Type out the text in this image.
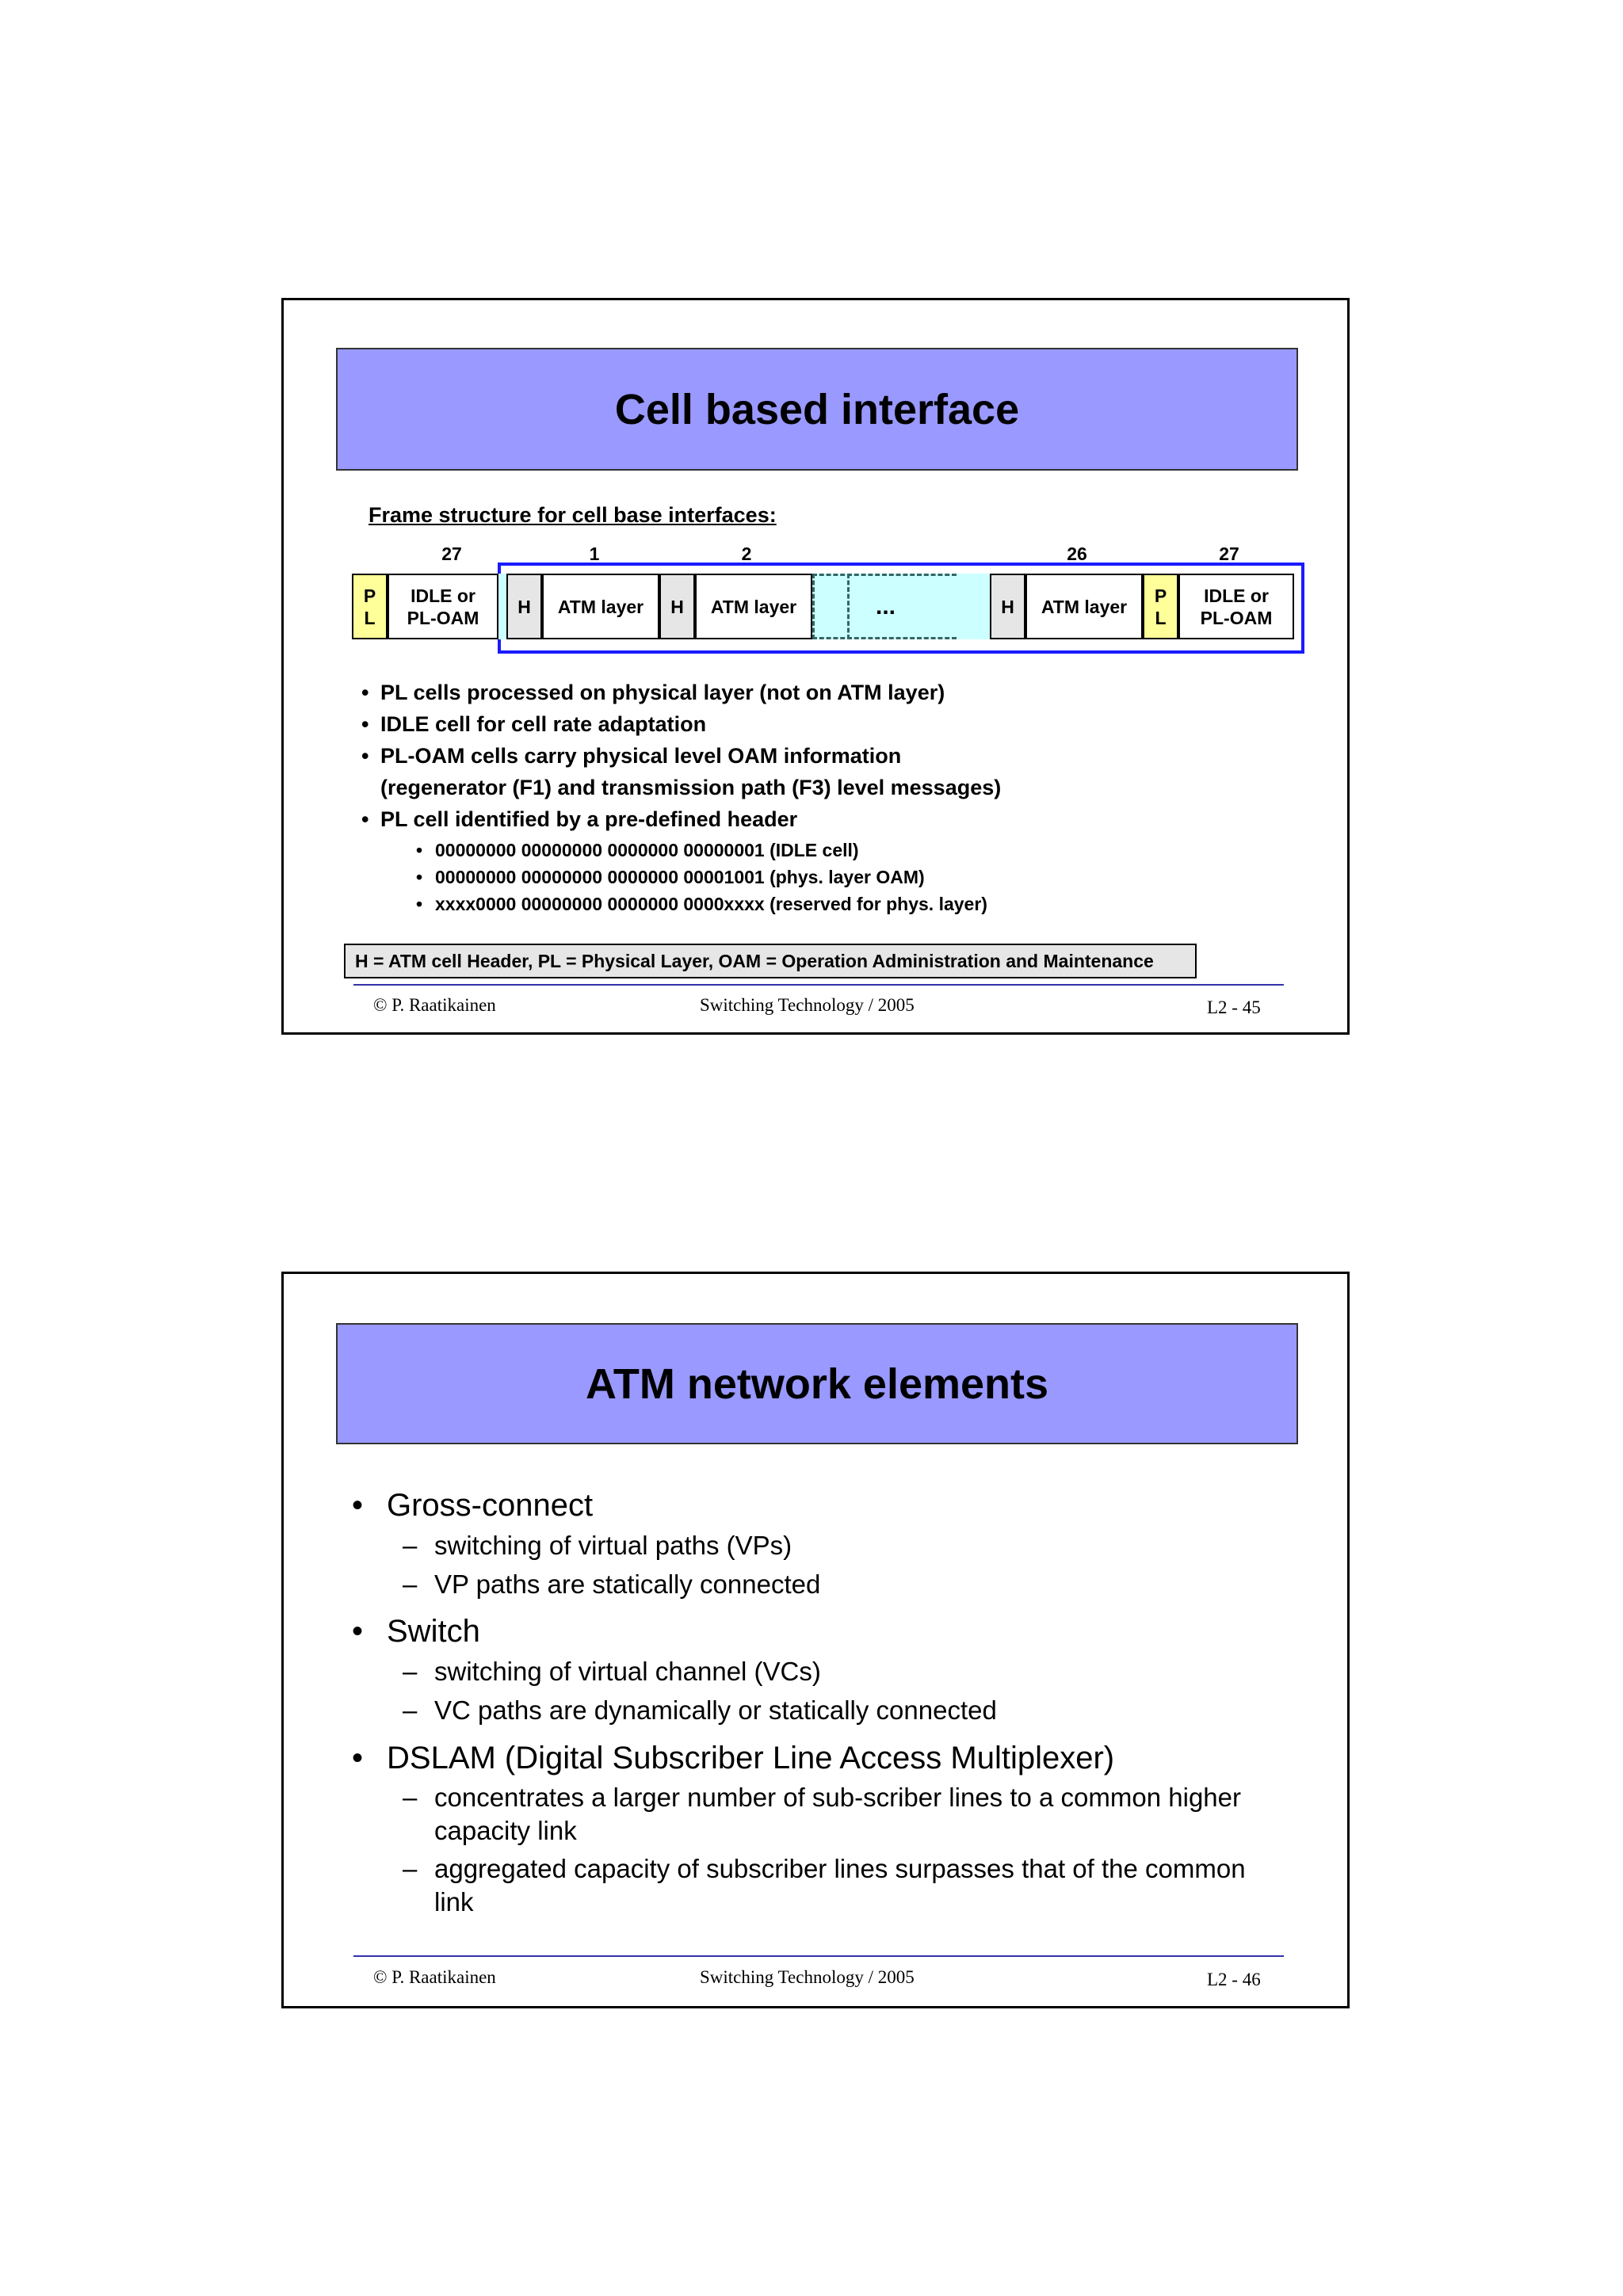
Cell based interface
Frame structure for cell base interfaces:
27	1	2	26	27
P
L
IDLE or
PL-OAM
H	ATM layer	H	ATM layer	...	H	ATM layer
P
L
IDLE or
PL-OAM
• PL cells processed on physical layer (not on ATM layer)
• IDLE cell for cell rate adaptation
• PL-OAM cells carry physical level OAM information
(regenerator (F1) and transmission path (F3) level messages)
• PL cell identified by a pre-defined header
• 00000000 00000000 0000000 00000001 (IDLE cell)
• 00000000 00000000 0000000 00001001 (phys. layer OAM)
• xxxx0000 00000000 0000000 0000xxxx (reserved for phys. layer)
H = ATM cell Header, PL = Physical Layer, OAM = Operation Administration and Maintenance
© P. Raatikainen	Switching Technology / 2005	L2 - 45
ATM network elements
• Gross-connect
– switching of virtual paths (VPs)
– VP paths are statically connected
• Switch
– switching of virtual channel (VCs)
– VC paths are dynamically or statically connected
• DSLAM (Digital Subscriber Line Access Multiplexer)
– concentrates a larger number of sub-scriber lines to a common higher
capacity link
– aggregated capacity of subscriber lines surpasses that of the common
link
© P. Raatikainen	Switching Technology / 2005	L2 - 46
